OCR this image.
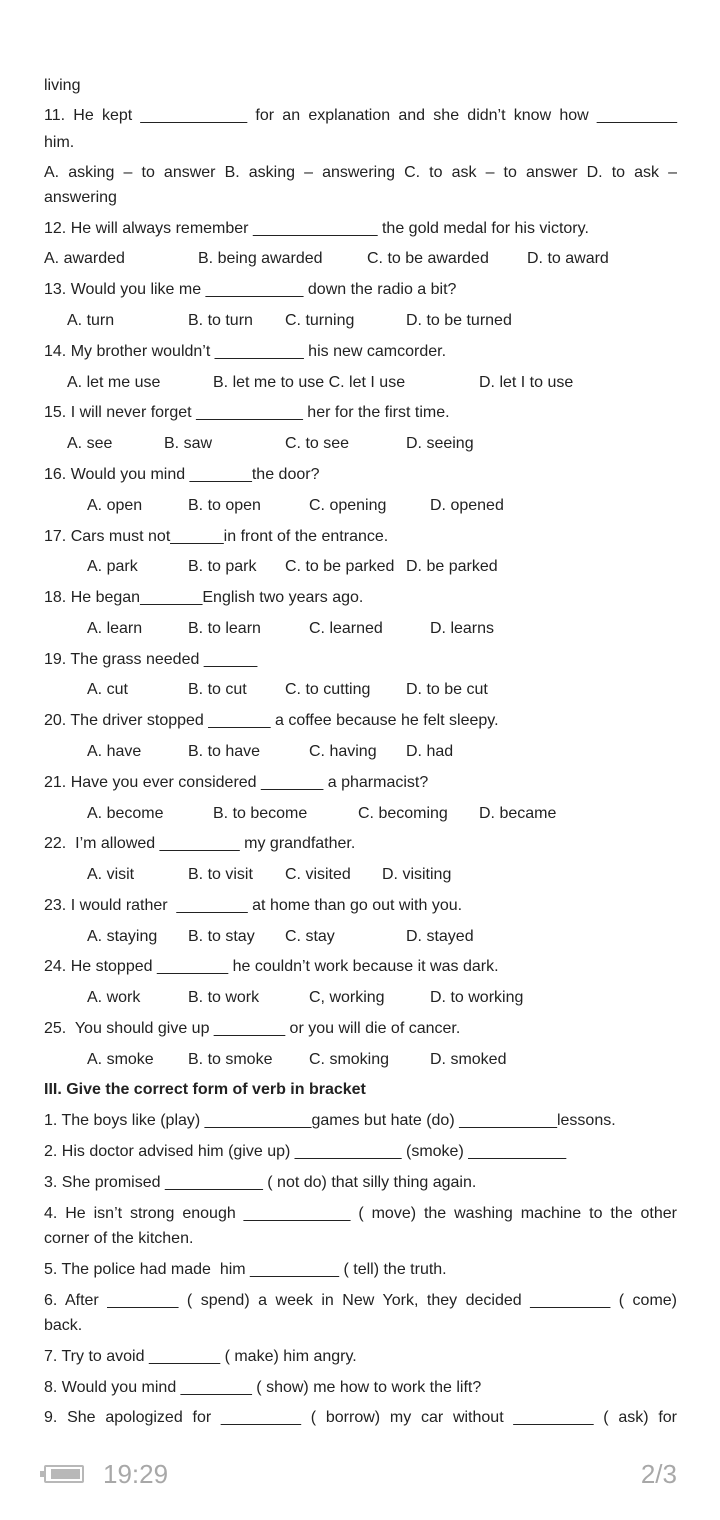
living
11. He kept ____________ for an explanation and she didn’t know how _________
him.
A. asking – to answer B. asking – answering C. to ask – to answer D. to ask –
answering
12. He will always remember ______________ the gold medal for his victory.
A. awarded	B. being awarded	C. to be awarded D. to award
13. Would you like me ___________ down the radio a bit?
A. turn	B. to turn C. turning	D. to be turned
14. My brother wouldn’t __________ his new camcorder.
A. let me use	B. let me to use C. let I use	D. let I to use
15. I will never forget ____________ her for the first time.
A. see	B. saw	C. to see	D. seeing
16. Would you mind _______the door?
A. open	B. to open	C. opening	D. opened
17. Cars must not______in front of the entrance.
A. park	B. to park C. to be parked D. be parked
18. He began_______English two years ago.
A. learn	B. to learn	C. learned	D. learns
19. The grass needed ______
A. cut	B. to cut C. to cutting D. to be cut
20. The driver stopped _______ a coffee because he felt sleepy.
A. have	B. to have	C. having D. had
21. Have you ever considered _______ a pharmacist?
A. become	B. to become	C. becoming D. became
22.  I’m allowed _________ my grandfather.
A. visit	B. to visit C. visited D. visiting
23. I would rather  ________ at home than go out with you.
A. staying B. to stay C. stay	D. stayed
24. He stopped ________ he couldn’t work because it was dark.
A. work	B. to work	C, working	D. to working
25.  You should give up ________ or you will die of cancer.
A. smoke B. to smoke C. smoking	D. smoked
III. Give the correct form of verb in bracket
1. The boys like (play) ____________games but hate (do) ___________lessons.
2. His doctor advised him (give up) ____________ (smoke) ___________
3. She promised ___________ ( not do) that silly thing again.
4. He isn’t strong enough ____________ ( move) the washing machine to the other
corner of the kitchen.
5. The police had made  him __________ ( tell) the truth.
6. After ________ ( spend) a week in New York, they decided _________ ( come)
back.
7. Try to avoid ________ ( make) him angry.
8. Would you mind ________ ( show) me how to work the lift?
9. She apologized for _________ ( borrow) my car without _________ ( ask) for
19:29	2/3
